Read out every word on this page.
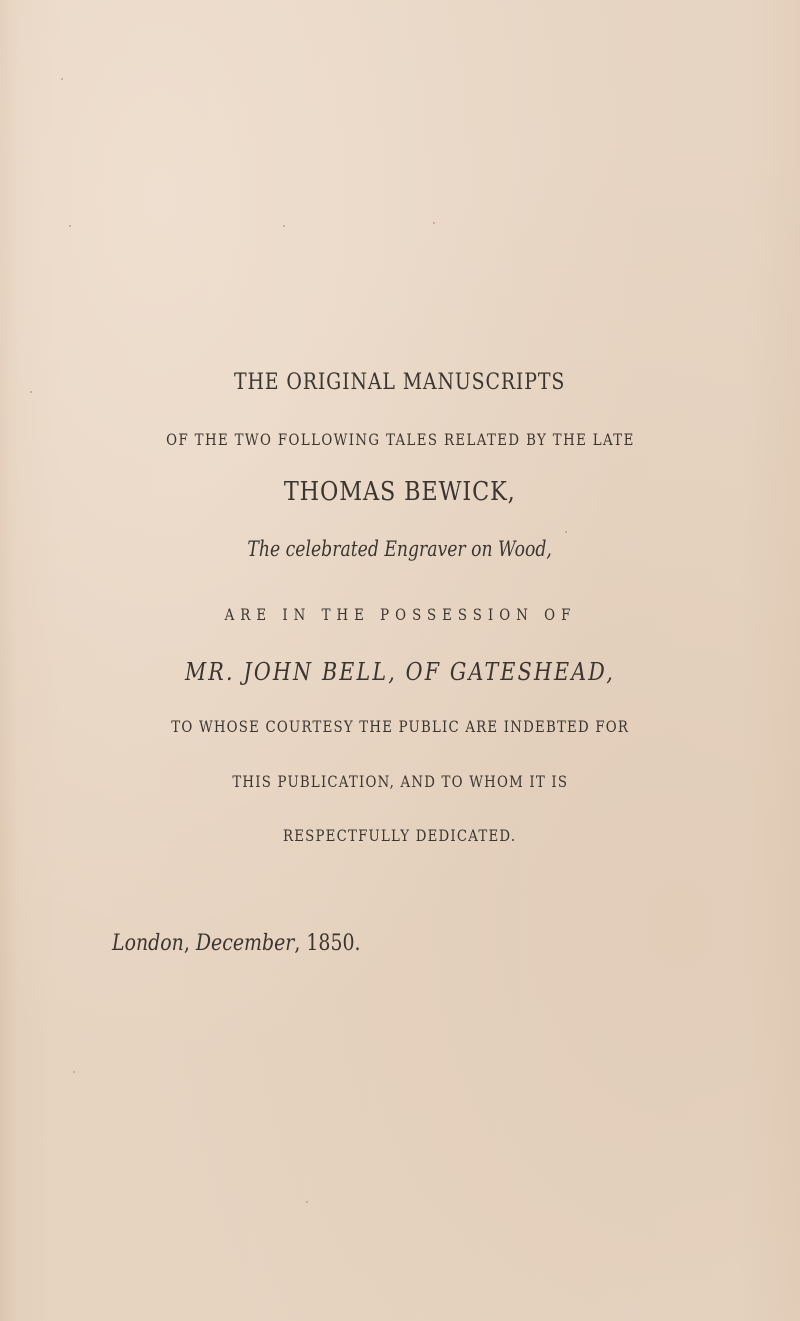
THE ORIGINAL MANUSCRIPTS
OF THE TWO FOLLOWING TALES RELATED BY THE LATE
THOMAS BEWICK,
The celebrated Engraver on Wood,
ARE IN THE POSSESSION OF
MR. JOHN BELL, OF GATESHEAD,
TO WHOSE COURTESY THE PUBLIC ARE INDEBTED FOR
THIS PUBLICATION, AND TO WHOM IT IS
RESPECTFULLY DEDICATED.
London, December, 1850.
